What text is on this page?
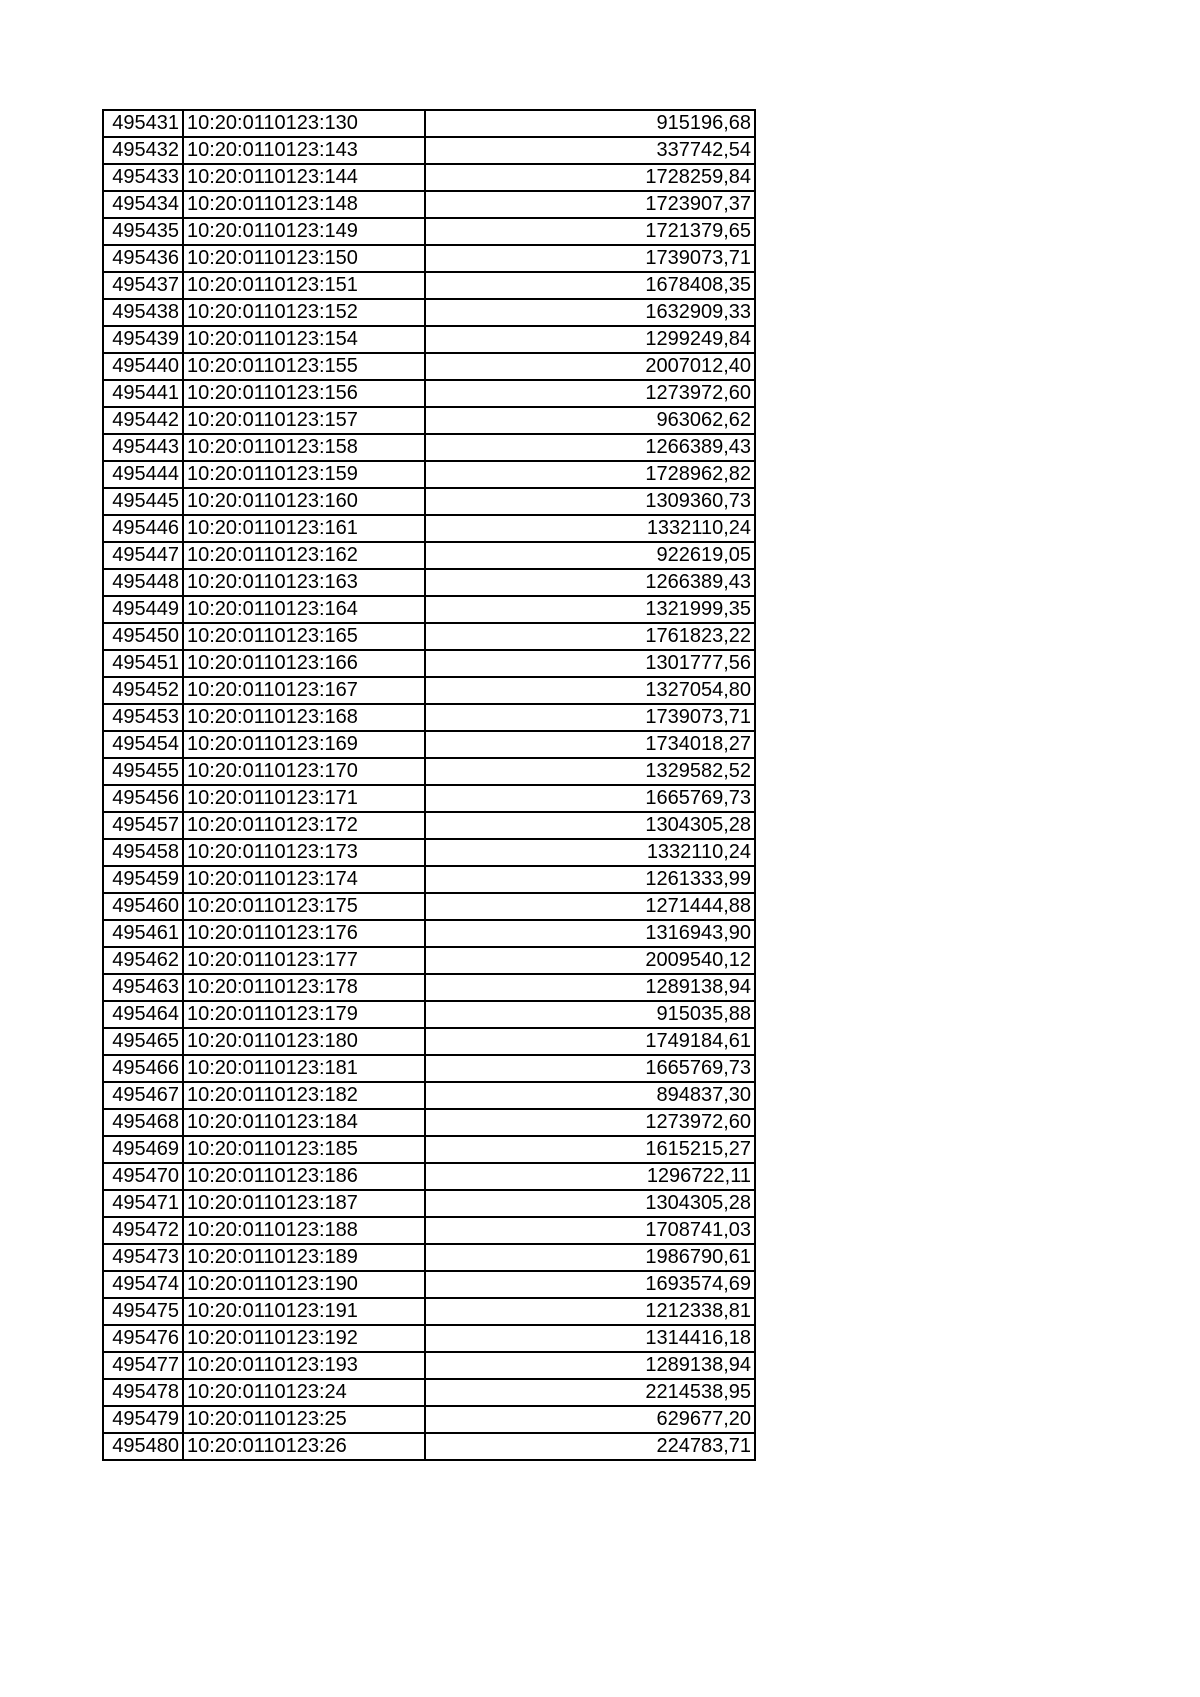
495431	10:20:0110123:130	915196,68
495432	10:20:0110123:143	337742,54
495433	10:20:0110123:144	1728259,84
495434	10:20:0110123:148	1723907,37
495435	10:20:0110123:149	1721379,65
495436	10:20:0110123:150	1739073,71
495437	10:20:0110123:151	1678408,35
495438	10:20:0110123:152	1632909,33
495439	10:20:0110123:154	1299249,84
495440	10:20:0110123:155	2007012,40
495441	10:20:0110123:156	1273972,60
495442	10:20:0110123:157	963062,62
495443	10:20:0110123:158	1266389,43
495444	10:20:0110123:159	1728962,82
495445	10:20:0110123:160	1309360,73
495446	10:20:0110123:161	1332110,24
495447	10:20:0110123:162	922619,05
495448	10:20:0110123:163	1266389,43
495449	10:20:0110123:164	1321999,35
495450	10:20:0110123:165	1761823,22
495451	10:20:0110123:166	1301777,56
495452	10:20:0110123:167	1327054,80
495453	10:20:0110123:168	1739073,71
495454	10:20:0110123:169	1734018,27
495455	10:20:0110123:170	1329582,52
495456	10:20:0110123:171	1665769,73
495457	10:20:0110123:172	1304305,28
495458	10:20:0110123:173	1332110,24
495459	10:20:0110123:174	1261333,99
495460	10:20:0110123:175	1271444,88
495461	10:20:0110123:176	1316943,90
495462	10:20:0110123:177	2009540,12
495463	10:20:0110123:178	1289138,94
495464	10:20:0110123:179	915035,88
495465	10:20:0110123:180	1749184,61
495466	10:20:0110123:181	1665769,73
495467	10:20:0110123:182	894837,30
495468	10:20:0110123:184	1273972,60
495469	10:20:0110123:185	1615215,27
495470	10:20:0110123:186	1296722,11
495471	10:20:0110123:187	1304305,28
495472	10:20:0110123:188	1708741,03
495473	10:20:0110123:189	1986790,61
495474	10:20:0110123:190	1693574,69
495475	10:20:0110123:191	1212338,81
495476	10:20:0110123:192	1314416,18
495477	10:20:0110123:193	1289138,94
495478	10:20:0110123:24	2214538,95
495479	10:20:0110123:25	629677,20
495480	10:20:0110123:26	224783,71
